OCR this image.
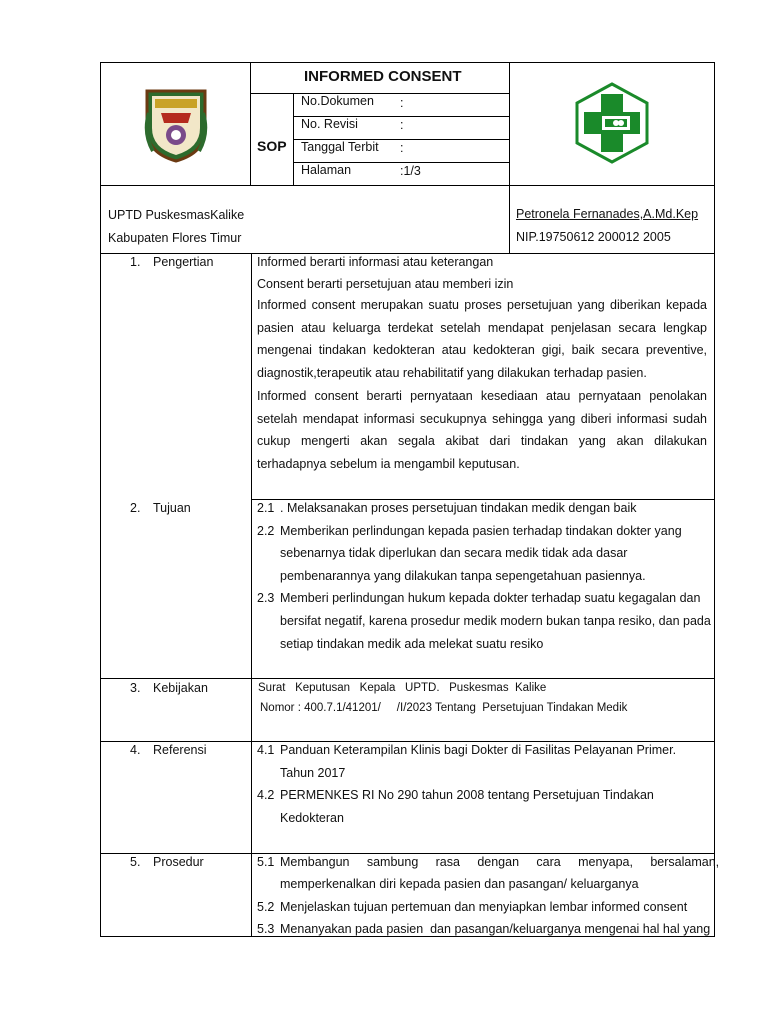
INFORMED CONSENT
SOP
No.Dokumen :
No. Revisi	:
Tanggal Terbit :
Halaman	:1/3
UPTD PuskesmasKalike
Kabupaten Flores Timur
Petronela Fernanades,A.Md.Kep
NIP.19750612 200012 2005
1. Pengertian	Informed berarti informasi atau keterangan
Consent berarti persetujuan atau memberi izin
Informed consent merupakan suatu proses persetujuan yang diberikan kepada
pasien atau keluarga terdekat setelah mendapat penjelasan secara lengkap
mengenai tindakan kedokteran atau kedokteran gigi, baik secara preventive,
diagnostik,terapeutik atau rehabilitatif yang dilakukan terhadap pasien.
Informed consent berarti pernyataan kesediaan atau pernyataan penolakan
setelah mendapat informasi secukupnya sehingga yang diberi informasi sudah
cukup mengerti akan segala akibat dari tindakan yang akan dilakukan
terhadapnya sebelum ia mengambil keputusan.
2. Tujuan	2.1 . Melaksanakan proses persetujuan tindakan medik dengan baik
2.2 Memberikan perlindungan kepada pasien terhadap tindakan dokter yang
sebenarnya tidak diperlukan dan secara medik tidak ada dasar
pembenarannya yang dilakukan tanpa sepengetahuan pasiennya.
2.3 Memberi perlindungan hukum kepada dokter terhadap suatu kegagalan dan
bersifat negatif, karena prosedur medik modern bukan tanpa resiko, dan pada
setiap tindakan medik ada melekat suatu resiko
3. Kebijakan	Surat   Keputusan   Kepala   UPTD.   Puskesmas  Kalike
Nomor : 400.7.1/41201/     /I/2023 Tentang  Persetujuan Tindakan Medik
4. Referensi	4.1 Panduan Keterampilan Klinis bagi Dokter di Fasilitas Pelayanan Primer.
Tahun 2017
4.2 PERMENKES RI No 290 tahun 2008 tentang Persetujuan Tindakan
Kedokteran
5. Prosedur	5.1 Membangun     sambung     rasa     dengan     cara     menyapa,     bersalaman,
memperkenalkan diri kepada pasien dan pasangan/ keluarganya
5.2 Menjelaskan tujuan pertemuan dan menyiapkan lembar informed consent
5.3 Menanyakan pada pasien  dan pasangan/keluarganya mengenai hal hal yang
